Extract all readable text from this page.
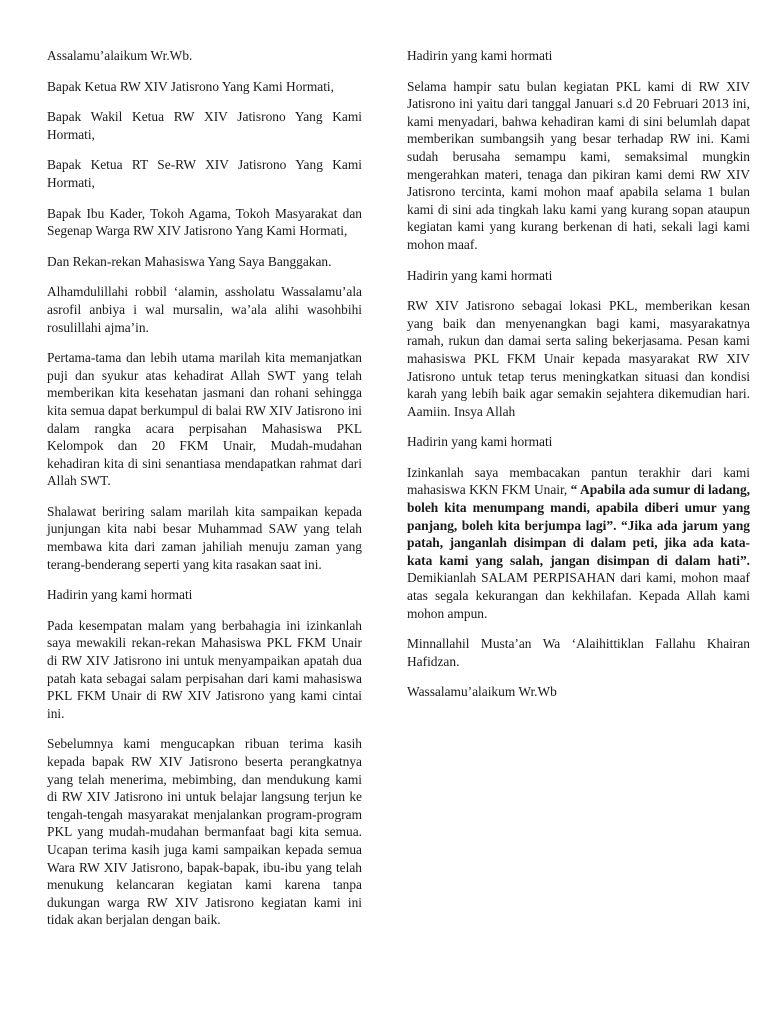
Assalamu’alaikum Wr.Wb.

Bapak Ketua RW XIV Jatisrono Yang Kami Hormati,

Bapak Wakil Ketua RW XIV Jatisrono Yang Kami Hormati,

Bapak Ketua RT Se-RW XIV Jatisrono Yang Kami Hormati,

Bapak Ibu Kader, Tokoh Agama, Tokoh Masyarakat dan Segenap Warga RW XIV Jatisrono Yang Kami Hormati,

Dan Rekan-rekan Mahasiswa Yang Saya Banggakan.

Alhamdulillahi robbil ‘alamin, assholatu Wassalamu’ala asrofil anbiya i wal mursalin, wa’ala alihi wasohbihi rosulillahi ajma’in.

Pertama-tama dan lebih utama marilah kita memanjatkan puji dan syukur atas kehadirat Allah SWT yang telah memberikan kita kesehatan jasmani dan rohani sehingga kita semua dapat berkumpul di balai RW XIV Jatisrono ini dalam rangka acara perpisahan Mahasiswa PKL Kelompok dan 20 FKM Unair, Mudah-mudahan kehadiran kita di sini senantiasa mendapatkan rahmat dari Allah SWT.

Shalawat beriring salam marilah kita sampaikan kepada junjungan kita nabi besar Muhammad SAW yang telah membawa kita dari zaman jahiliah menuju zaman yang terang-benderang seperti yang kita rasakan saat ini.

Hadirin yang kami hormati

Pada kesempatan malam yang berbahagia ini izinkanlah saya mewakili rekan-rekan Mahasiswa PKL FKM Unair di RW XIV Jatisrono ini untuk menyampaikan apatah dua patah kata sebagai salam perpisahan dari kami mahasiswa PKL FKM Unair di RW XIV Jatisrono yang kami cintai ini.

Sebelumnya kami mengucapkan ribuan terima kasih kepada bapak RW XIV Jatisrono beserta perangkatnya yang telah menerima, mebimbing, dan mendukung kami di RW XIV Jatisrono ini untuk belajar langsung terjun ke tengah-tengah masyarakat menjalankan program-program PKL yang mudah-mudahan bermanfaat bagi kita semua. Ucapan terima kasih juga kami sampaikan kepada semua Wara RW XIV Jatisrono, bapak-bapak, ibu-ibu yang telah menukung kelancaran kegiatan kami karena tanpa dukungan warga RW XIV Jatisrono kegiatan kami ini tidak akan berjalan dengan baik.

Hadirin yang kami hormati

Selama hampir satu bulan kegiatan PKL kami di RW XIV Jatisrono ini yaitu dari tanggal Januari s.d 20 Februari 2013 ini, kami menyadari, bahwa kehadiran kami di sini belumlah dapat memberikan sumbangsih yang besar terhadap RW ini. Kami sudah berusaha semampu kami, semaksimal mungkin mengerahkan materi, tenaga dan pikiran kami demi RW XIV Jatisrono tercinta, kami mohon maaf apabila selama 1 bulan kami di sini ada tingkah laku kami yang kurang sopan ataupun kegiatan kami yang kurang berkenan di hati, sekali lagi kami mohon maaf.

Hadirin yang kami hormati

RW XIV Jatisrono sebagai lokasi PKL, memberikan kesan yang baik dan menyenangkan bagi kami, masyarakatnya ramah, rukun dan damai serta saling bekerjasama. Pesan kami mahasiswa PKL FKM Unair kepada masyarakat RW XIV Jatisrono untuk tetap terus meningkatkan situasi dan kondisi karah yang lebih baik agar semakin sejahtera dikemudian hari. Aamiin. Insya Allah

Hadirin yang kami hormati

Izinkanlah saya membacakan pantun terakhir dari kami mahasiswa KKN FKM Unair, “ Apabila ada sumur di ladang, boleh kita menumpang mandi, apabila diberi umur yang panjang, boleh kita berjumpa lagi”. “Jika ada jarum yang patah, janganlah disimpan di dalam peti, jika ada kata-kata kami yang salah, jangan disimpan di dalam hati”. Demikianlah SALAM PERPISAHAN dari kami, mohon maaf atas segala kekurangan dan kekhilafan. Kepada Allah kami mohon ampun.

Minnallahil Musta’an Wa ‘Alaihittiklan Fallahu Khairan Hafidzan.

Wassalamu’alaikum Wr.Wb
